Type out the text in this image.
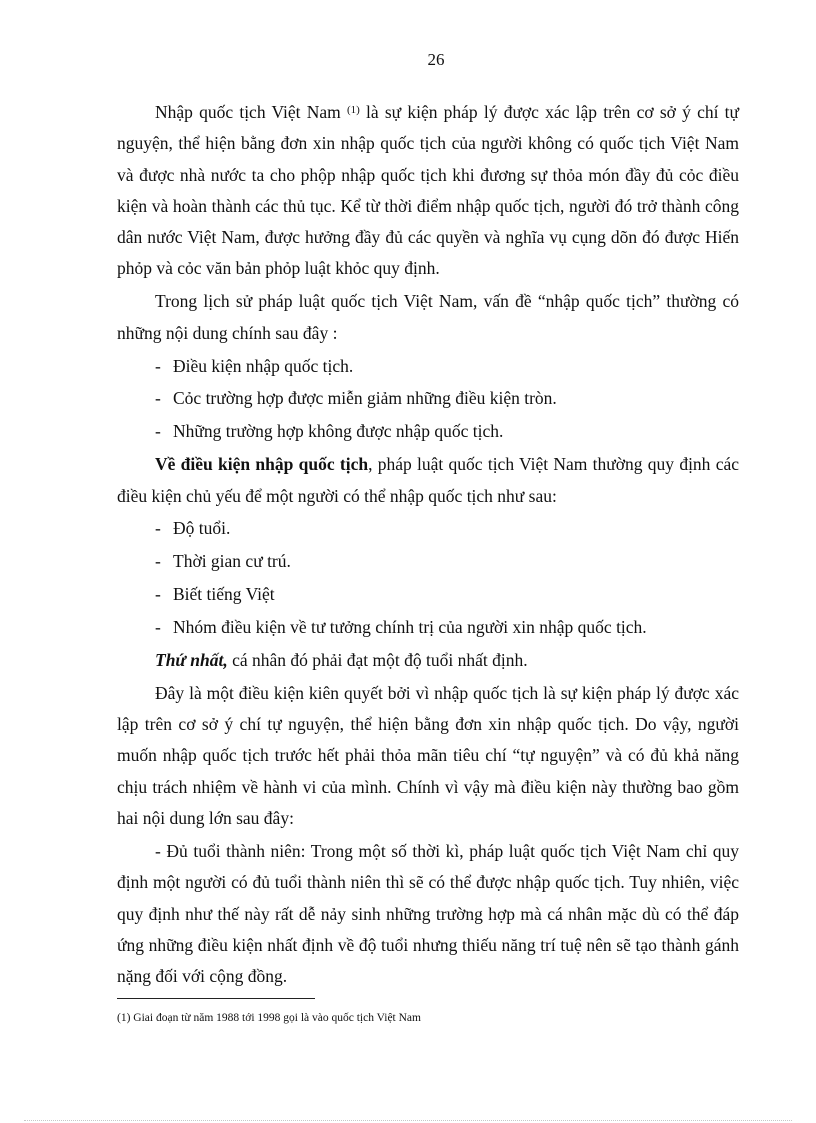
26

Nhập quốc tịch Việt Nam $^{(1)}$ là sự kiện pháp lý được xác lập trên cơ sở ý chí tự nguyện, thể hiện bằng đơn xin nhập quốc tịch của người không có quốc tịch Việt Nam và được nhà nước ta cho phộp nhập quốc tịch khi đương sự thỏa món đầy đủ cỏc điều kiện và hoàn thành các thủ tục. Kể từ thời điểm nhập quốc tịch, người đó trở thành công dân nước Việt Nam, được hưởng đầy đủ các quyền và nghĩa vụ cụng dõn đó được Hiến phỏp và cỏc văn bản phỏp luật khỏc quy định.

Trong lịch sử pháp luật quốc tịch Việt Nam, vấn đề “nhập quốc tịch” thường có những nội dung chính sau đây :

- Điều kiện nhập quốc tịch.

- Cỏc trường hợp được miễn giảm những điều kiện tròn.

- Những trường hợp không được nhập quốc tịch.

Về điều kiện nhập quốc tịch, pháp luật quốc tịch Việt Nam thường quy định các điều kiện chủ yếu để một người có thể nhập quốc tịch như sau:

- Độ tuổi.

- Thời gian cư trú.

- Biết tiếng Việt

- Nhóm điều kiện về tư tưởng chính trị của người xin nhập quốc tịch.

Thứ nhất, cá nhân đó phải đạt một độ tuổi nhất định.

Đây là một điều kiện kiên quyết bởi vì nhập quốc tịch là sự kiện pháp lý được xác lập trên cơ sở ý chí tự nguyện, thể hiện bằng đơn xin nhập quốc tịch. Do vậy, người muốn nhập quốc tịch trước hết phải thỏa mãn tiêu chí “tự nguyện” và có đủ khả năng chịu trách nhiệm về hành vi của mình. Chính vì vậy mà điều kiện này thường bao gồm hai nội dung lớn sau đây:

- Đủ tuổi thành niên: Trong một số thời kì, pháp luật quốc tịch Việt Nam chỉ quy định một người có đủ tuổi thành niên thì sẽ có thể được nhập quốc tịch. Tuy nhiên, việc quy định như thế này rất dễ nảy sinh những trường hợp mà cá nhân mặc dù có thể đáp ứng những điều kiện nhất định về độ tuổi nhưng thiếu năng trí tuệ nên sẽ tạo thành gánh nặng đối với cộng đồng.

(1) Giai đoạn từ năm 1988 tới 1998 gọi là vào quốc tịch Việt Nam
